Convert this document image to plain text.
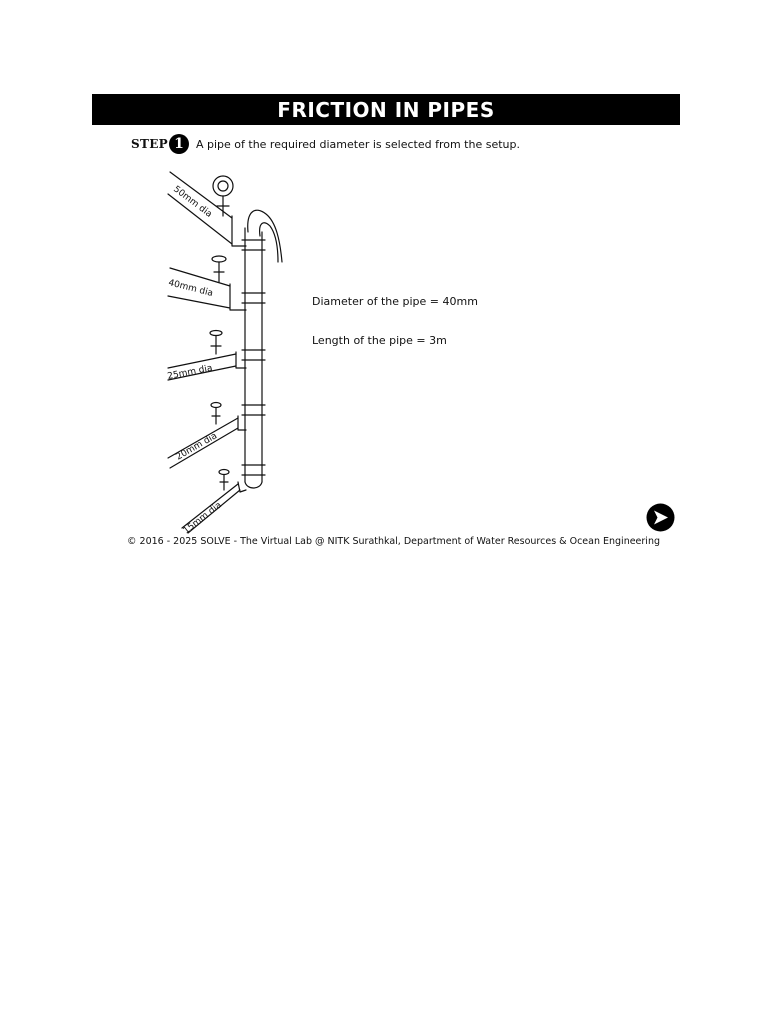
FRICTION IN PIPES
STEP 1	A pipe of the required diameter is selected from the setup.
50mm dia
40mm dia
25mm dia
20mm dia
15mm dia
Diameter of the pipe = 40mm
Length of the pipe = 3m
© 2016 - 2025 SOLVE - The Virtual Lab @ NITK Surathkal, Department of Water Resources & Ocean Engineering
